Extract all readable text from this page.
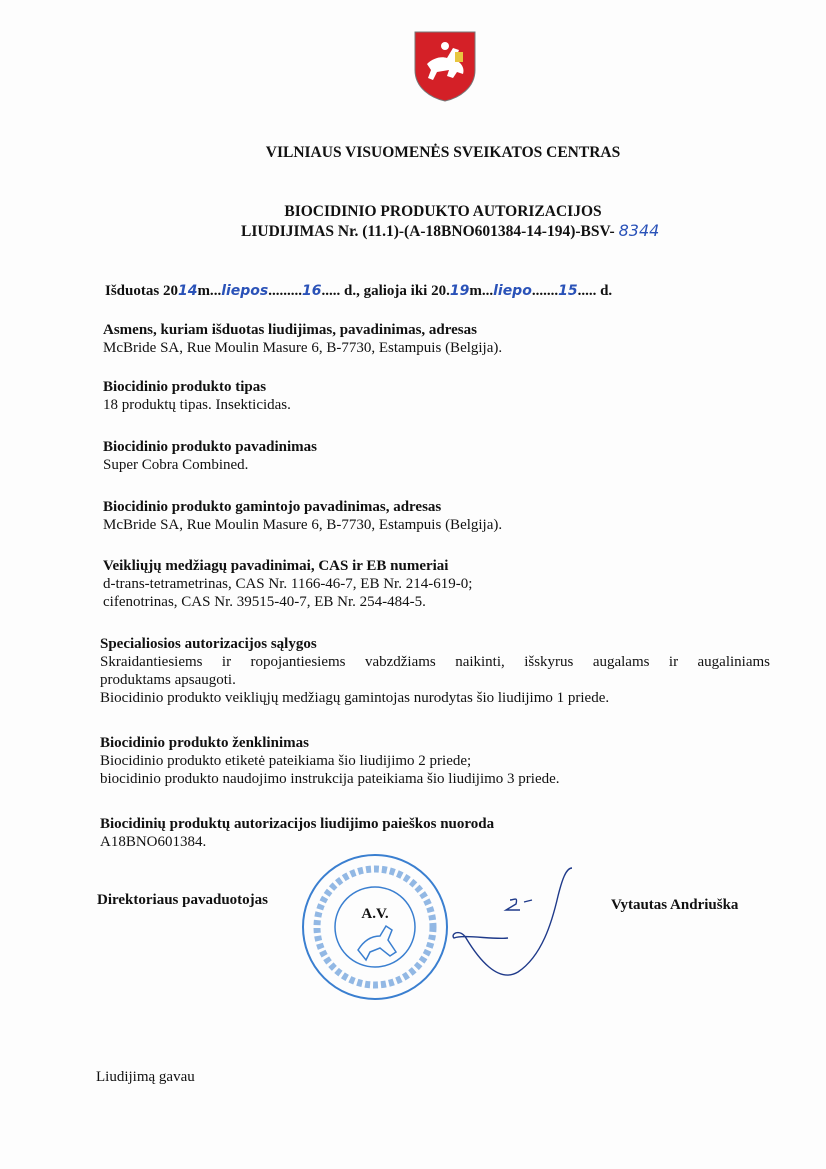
VILNIAUS VISUOMENĖS SVEIKATOS CENTRAS
BIOCIDINIO PRODUKTO AUTORIZACIJOS
LIUDIJIMAS Nr. (11.1)-(A-18BNO601384-14-194)-BSV- 8344
Išduotas 2014m...liepos.........16..... d., galioja iki 20.19m...liepo.......15..... d.
Asmens, kuriam išduotas liudijimas, pavadinimas, adresas
McBride SA, Rue Moulin Masure 6, B-7730, Estampuis (Belgija).
Biocidinio produkto tipas
18 produktų tipas. Insekticidas.
Biocidinio produkto pavadinimas
Super Cobra Combined.
Biocidinio produkto gamintojo pavadinimas, adresas
McBride SA, Rue Moulin Masure 6, B-7730, Estampuis (Belgija).
Veikliųjų medžiagų pavadinimai, CAS ir EB numeriai
d-trans-tetrametrinas, CAS Nr. 1166-46-7, EB Nr. 214-619-0;
cifenotrinas, CAS Nr. 39515-40-7, EB Nr. 254-484-5.
Specialiosios autorizacijos sąlygos
Skraidantiesiems ir ropojantiesiems vabzdžiams naikinti, išskyrus augalams ir augaliniams
produktams apsaugoti.
Biocidinio produkto veikliųjų medžiagų gamintojas nurodytas šio liudijimo 1 priede.
Biocidinio produkto ženklinimas
Biocidinio produkto etiketė pateikiama šio liudijimo 2 priede;
biocidinio produkto naudojimo instrukcija pateikiama šio liudijimo 3 priede.
Biocidinių produktų autorizacijos liudijimo paieškos nuoroda
A18BNO601384.
Direktoriaus pavaduotojas	Vytautas Andriuška
A.V.
Liudijimą gavau
